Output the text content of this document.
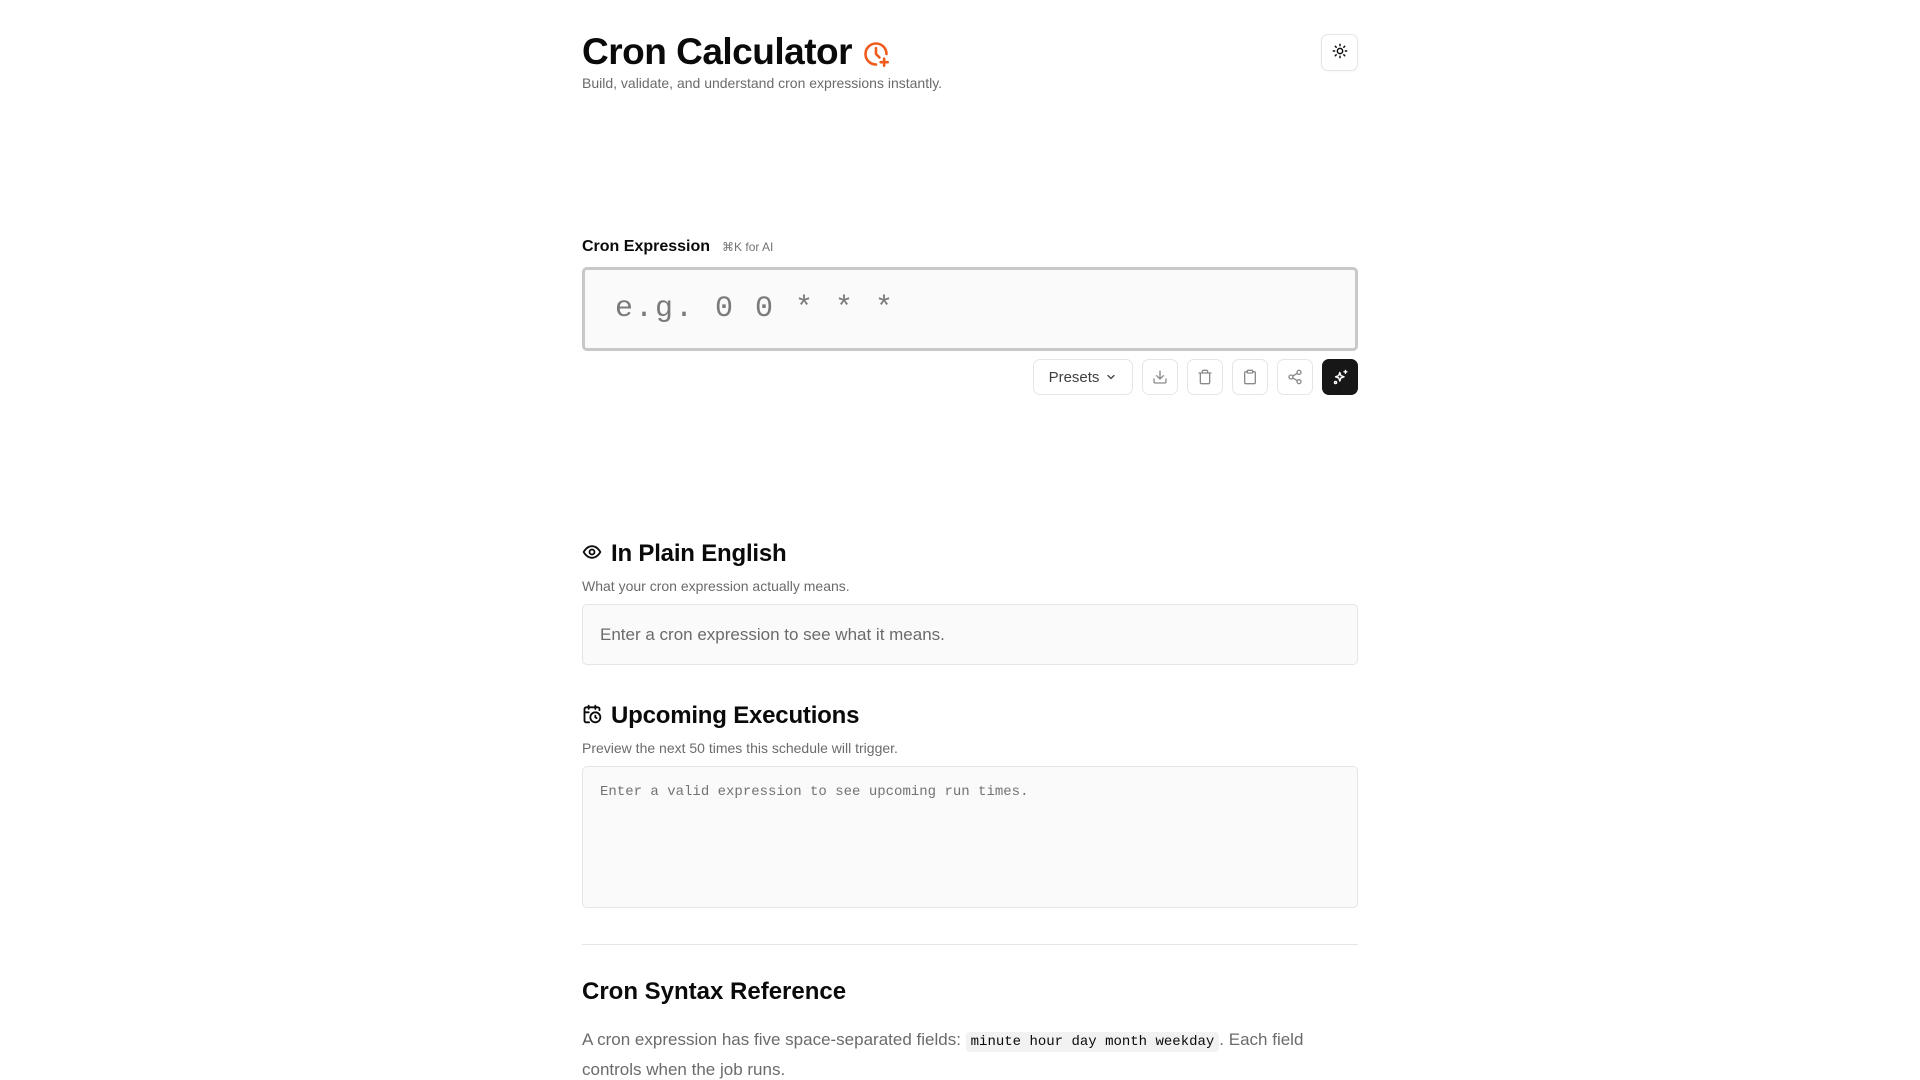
Cron Calculator

Build, validate, and understand cron expressions instantly.

Cron Expression ⌘K for AI
e.g. 0 0 * * *
Presets
In Plain English

What your cron expression actually means.

Enter a cron expression to see what it means.
Upcoming Executions

Preview the next 50 times this schedule will trigger.

Enter a valid expression to see upcoming run times.
Cron Syntax Reference

A cron expression has five space-separated fields: minute hour day month weekday . Each field controls when the job runs.
